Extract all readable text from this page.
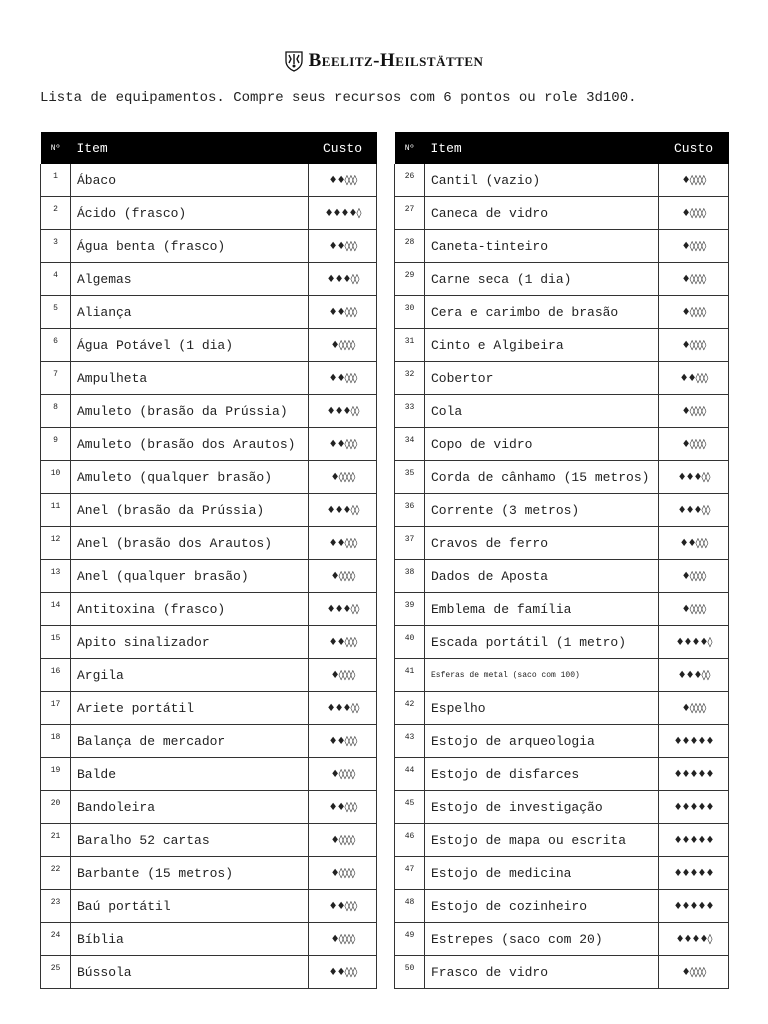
Beelitz-Heilstätten
Lista de equipamentos. Compre seus recursos com 6 pontos ou role 3d100.
Nº	Item	Custo
1	Ábaco	♦♦◊◊◊
2	Ácido (frasco)	♦♦♦♦◊
3	Água benta (frasco)	♦♦◊◊◊
4	Algemas	♦♦♦◊◊
5	Aliança	♦♦◊◊◊
6	Água Potável (1 dia)	♦◊◊◊◊
7	Ampulheta	♦♦◊◊◊
8	Amuleto (brasão da Prússia)	♦♦♦◊◊
9	Amuleto (brasão dos Arautos)	♦♦◊◊◊
10	Amuleto (qualquer brasão)	♦◊◊◊◊
11	Anel (brasão da Prússia)	♦♦♦◊◊
12	Anel (brasão dos Arautos)	♦♦◊◊◊
13	Anel (qualquer brasão)	♦◊◊◊◊
14	Antitoxina (frasco)	♦♦♦◊◊
15	Apito sinalizador	♦♦◊◊◊
16	Argila	♦◊◊◊◊
17	Ariete portátil	♦♦♦◊◊
18	Balança de mercador	♦♦◊◊◊
19	Balde	♦◊◊◊◊
20	Bandoleira	♦♦◊◊◊
21	Baralho 52 cartas	♦◊◊◊◊
22	Barbante (15 metros)	♦◊◊◊◊
23	Baú portátil	♦♦◊◊◊
24	Bíblia	♦◊◊◊◊
25	Bússola	♦♦◊◊◊
Nº	Item	Custo
26	Cantil (vazio)	♦◊◊◊◊
27	Caneca de vidro	♦◊◊◊◊
28	Caneta-tinteiro	♦◊◊◊◊
29	Carne seca (1 dia)	♦◊◊◊◊
30	Cera e carimbo de brasão	♦◊◊◊◊
31	Cinto e Algibeira	♦◊◊◊◊
32	Cobertor	♦♦◊◊◊
33	Cola	♦◊◊◊◊
34	Copo de vidro	♦◊◊◊◊
35	Corda de cânhamo (15 metros)	♦♦♦◊◊
36	Corrente (3 metros)	♦♦♦◊◊
37	Cravos de ferro	♦♦◊◊◊
38	Dados de Aposta	♦◊◊◊◊
39	Emblema de família	♦◊◊◊◊
40	Escada portátil (1 metro)	♦♦♦♦◊
41	Esferas de metal (saco com 100)	♦♦♦◊◊
42	Espelho	♦◊◊◊◊
43	Estojo de arqueologia	♦♦♦♦♦
44	Estojo de disfarces	♦♦♦♦♦
45	Estojo de investigação	♦♦♦♦♦
46	Estojo de mapa ou escrita	♦♦♦♦♦
47	Estojo de medicina	♦♦♦♦♦
48	Estojo de cozinheiro	♦♦♦♦♦
49	Estrepes (saco com 20)	♦♦♦♦◊
50	Frasco de vidro	♦◊◊◊◊
